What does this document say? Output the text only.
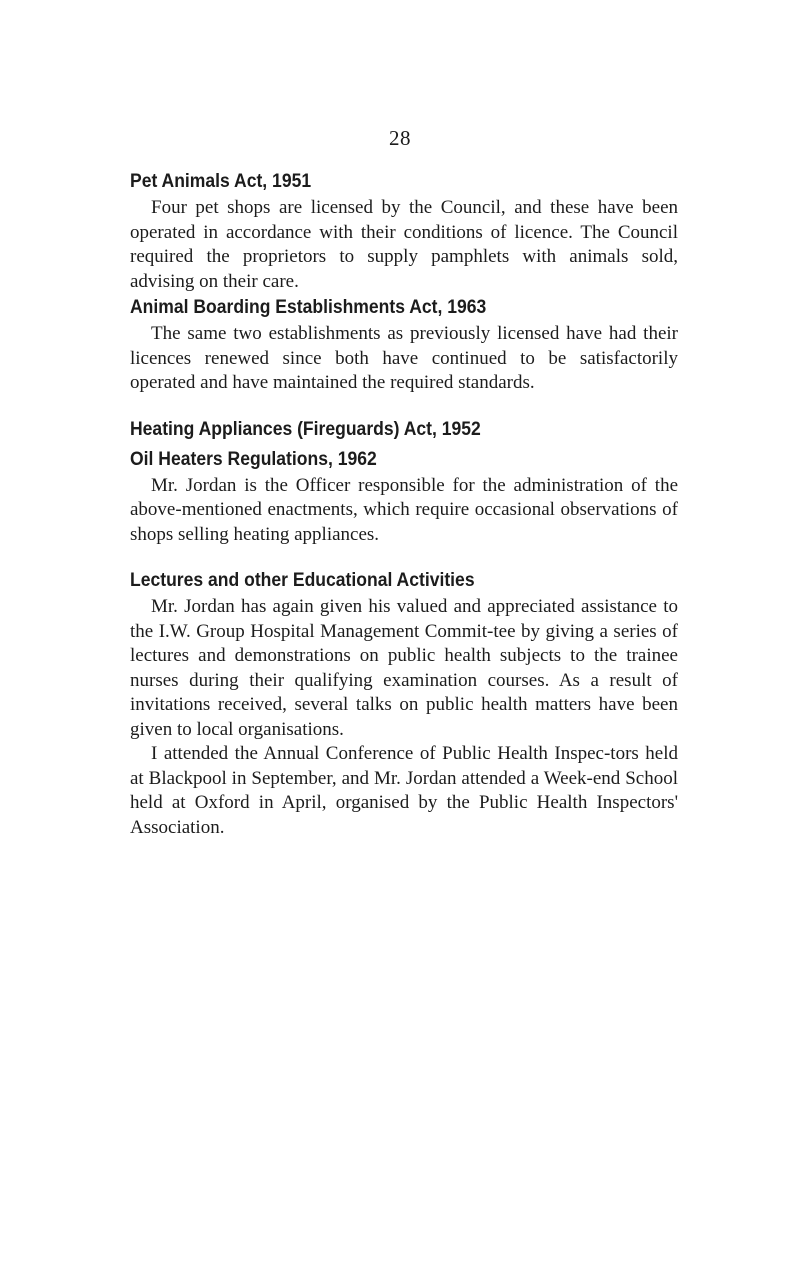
28
Pet Animals Act, 1951

Four pet shops are licensed by the Council, and these have been operated in accordance with their conditions of licence. The Council required the proprietors to supply pamphlets with animals sold, advising on their care.

Animal Boarding Establishments Act, 1963

The same two establishments as previously licensed have had their licences renewed since both have continued to be satisfactorily operated and have maintained the required standards.

Heating Appliances (Fireguards) Act, 1952
Oil Heaters Regulations, 1962

Mr. Jordan is the Officer responsible for the administration of the above-mentioned enactments, which require occasional observations of shops selling heating appliances.

Lectures and other Educational Activities

Mr. Jordan has again given his valued and appreciated assistance to the I.W. Group Hospital Management Commit-tee by giving a series of lectures and demonstrations on public health subjects to the trainee nurses during their qualifying examination courses. As a result of invitations received, several talks on public health matters have been given to local organisations.

I attended the Annual Conference of Public Health Inspec-tors held at Blackpool in September, and Mr. Jordan attended a Week-end School held at Oxford in April, organised by the Public Health Inspectors' Association.
